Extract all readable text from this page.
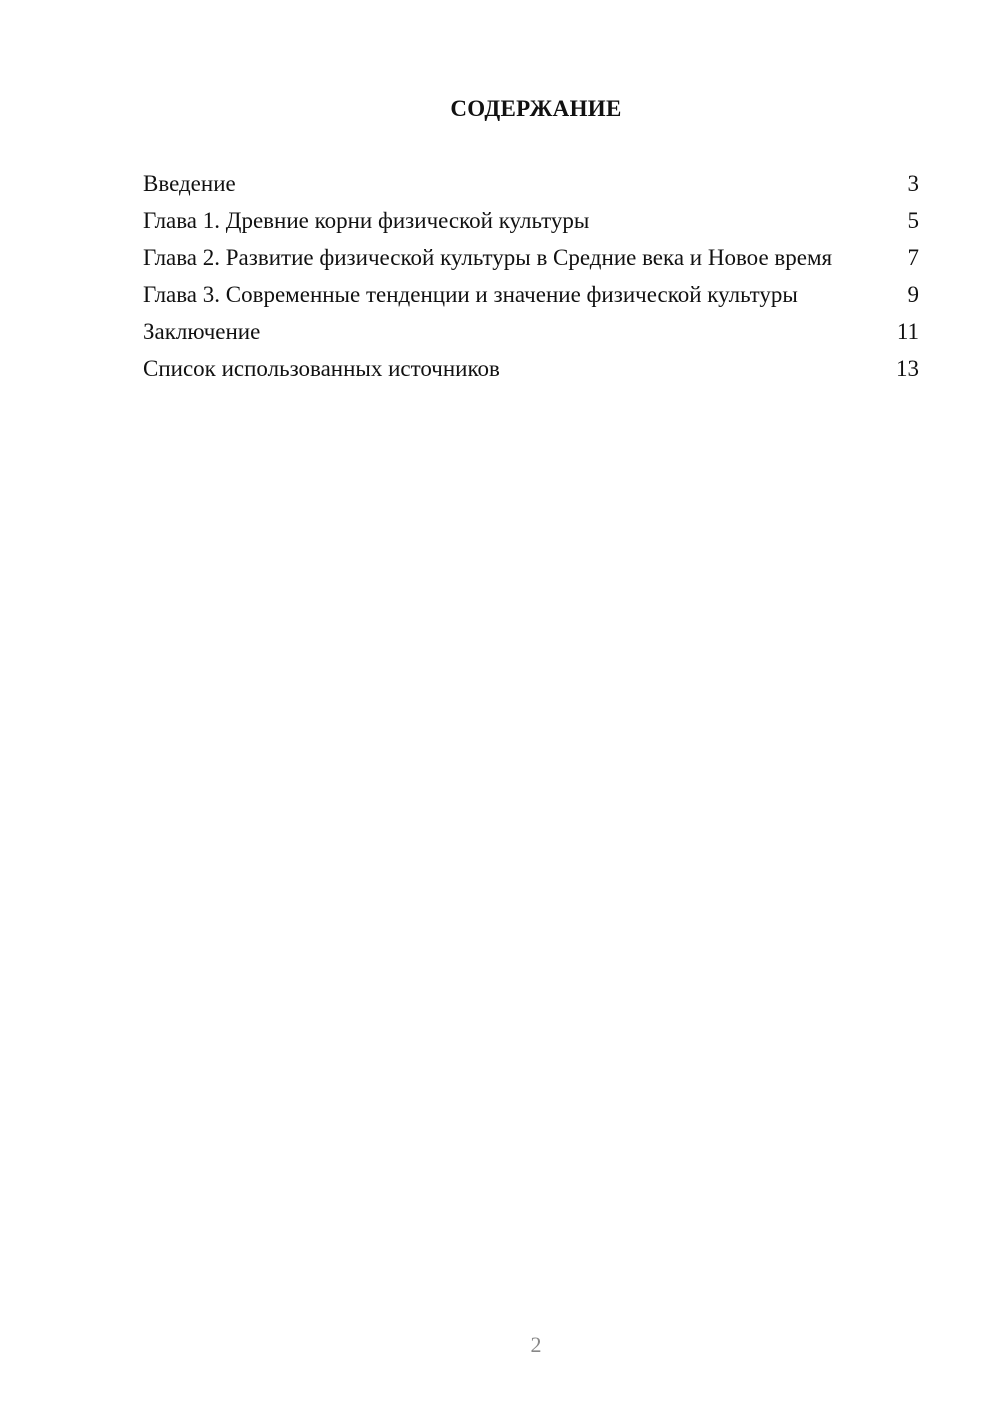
СОДЕРЖАНИЕ
Введение	3
Глава 1. Древние корни физической культуры	5
Глава 2. Развитие физической культуры в Средние века и Новое время	7
Глава 3. Современные тенденции и значение физической культуры	9
Заключение	11
Список использованных источников	13
2
